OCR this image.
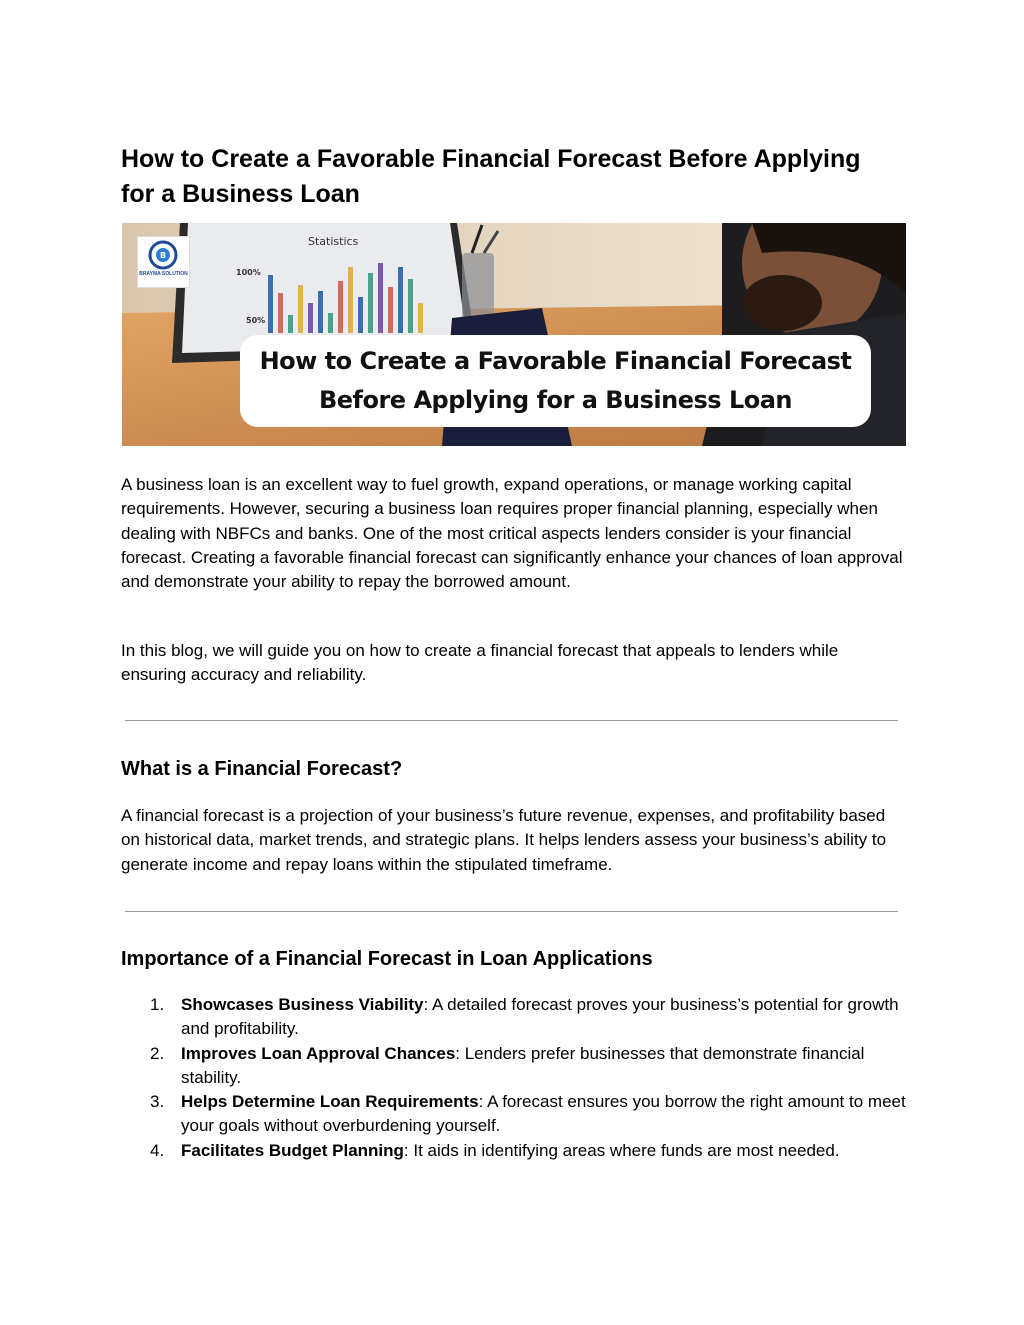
How to Create a Favorable Financial Forecast Before Applying for a Business Loan
Statistics
100%
50%
B
BRAYMA SOLUTION
How to Create a Favorable Financial Forecast
Before Applying for a Business Loan

A business loan is an excellent way to fuel growth, expand operations, or manage working capital requirements. However, securing a business loan requires proper financial planning, especially when dealing with NBFCs and banks. One of the most critical aspects lenders consider is your financial forecast. Creating a favorable financial forecast can significantly enhance your chances of loan approval and demonstrate your ability to repay the borrowed amount.

In this blog, we will guide you on how to create a financial forecast that appeals to lenders while ensuring accuracy and reliability.

What is a Financial Forecast?

A financial forecast is a projection of your business’s future revenue, expenses, and profitability based on historical data, market trends, and strategic plans. It helps lenders assess your business’s ability to generate income and repay loans within the stipulated timeframe.

Importance of a Financial Forecast in Loan Applications
1. Showcases Business Viability: A detailed forecast proves your business’s potential for growth and profitability.
2. Improves Loan Approval Chances: Lenders prefer businesses that demonstrate financial stability.
3. Helps Determine Loan Requirements: A forecast ensures you borrow the right amount to meet your goals without overburdening yourself.
4. Facilitates Budget Planning: It aids in identifying areas where funds are most needed.
